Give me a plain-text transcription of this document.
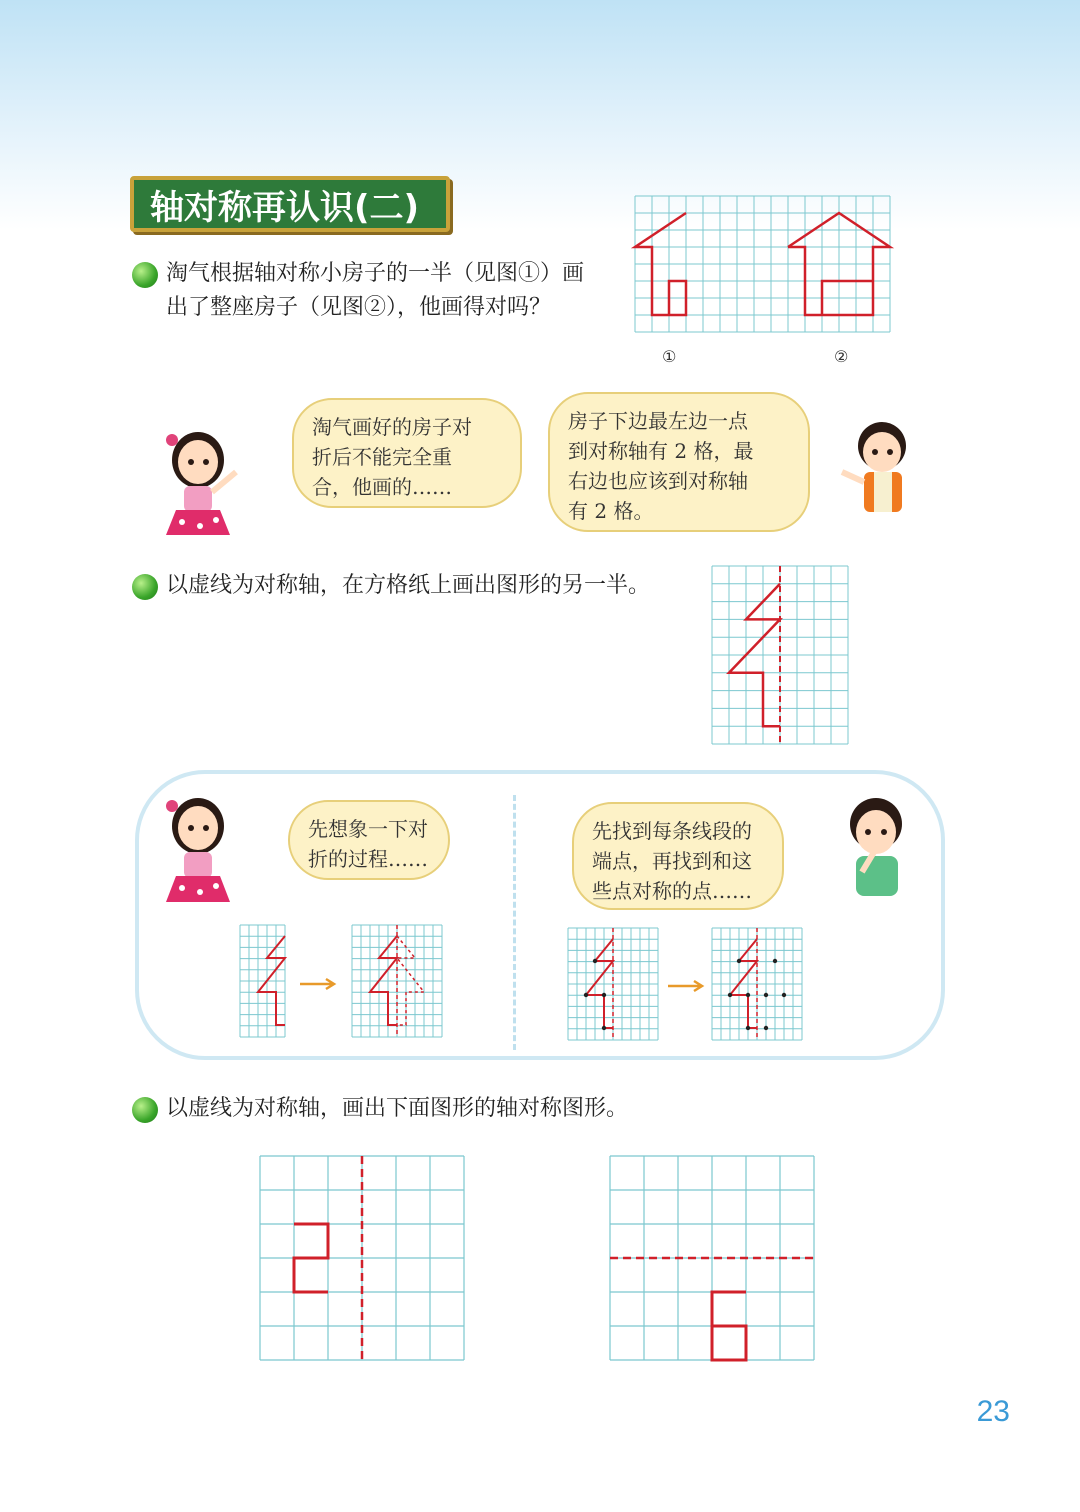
轴对称再认识(二)
淘气根据轴对称小房子的一半（见图①）画
出了整座房子（见图②），他画得对吗？
①	②
淘气画好的房子对
折后不能完全重
合，他画的……
房子下边最左边一点
到对称轴有 2 格，最
右边也应该到对称轴
有 2 格。
以虚线为对称轴，在方格纸上画出图形的另一半。
先想象一下对
折的过程……
先找到每条线段的
端点，再找到和这
些点对称的点……
以虚线为对称轴，画出下面图形的轴对称图形。
23
